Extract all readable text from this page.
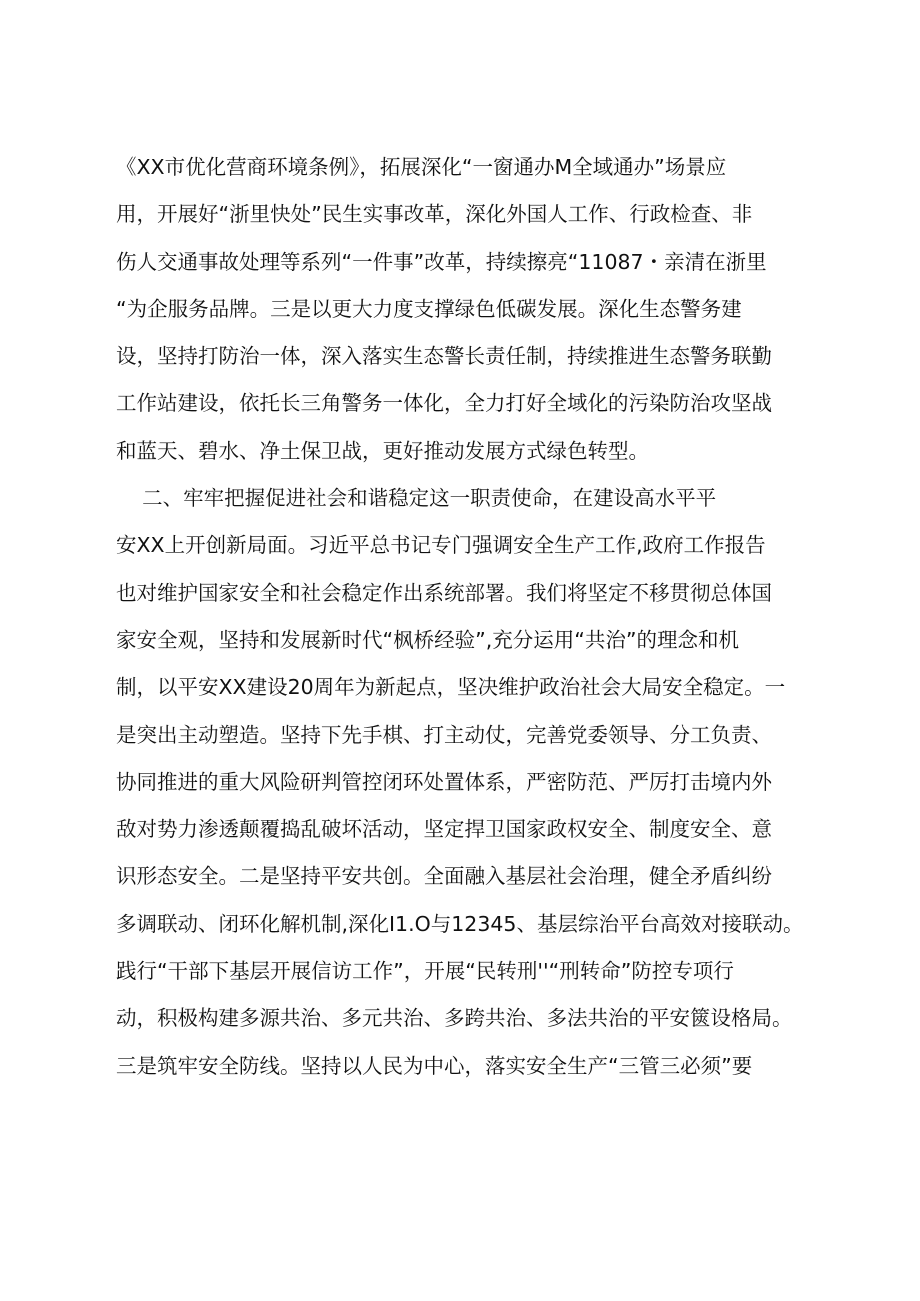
《XX市优化营商环境条例》，拓展深化“一窗通办M全域通办”场景应
用，开展好“浙里快处”民生实事改革，深化外国人工作、行政检查、非
伤人交通事故处理等系列“一件事”改革，持续擦亮“11087・亲清在浙里
“为企服务品牌。三是以更大力度支撑绿色低碳发展。深化生态警务建
设，坚持打防治一体，深入落实生态警长责任制，持续推进生态警务联勤
工作站建设，依托长三角警务一体化，全力打好全域化的污染防治攻坚战
和蓝天、碧水、净土保卫战，更好推动发展方式绿色转型。
二、牢牢把握促进社会和谐稳定这一职责使命，在建设高水平平
安XX上开创新局面。习近平总书记专门强调安全生产工作,政府工作报告
也对维护国家安全和社会稳定作出系统部署。我们将坚定不移贯彻总体国
家安全观，坚持和发展新时代“枫桥经验”,充分运用“共治”的理念和机
制，以平安XX建设20周年为新起点，坚决维护政治社会大局安全稳定。一
是突出主动塑造。坚持下先手棋、打主动仗，完善党委领导、分工负责、
协同推进的重大风险研判管控闭环处置体系，严密防范、严厉打击境内外
敌对势力渗透颠覆捣乱破坏活动，坚定捍卫国家政权安全、制度安全、意
识形态安全。二是坚持平安共创。全面融入基层社会治理，健全矛盾纠纷
多调联动、闭环化解机制,深化I1.O与12345、基层综治平台高效对接联动。
践行“干部下基层开展信访工作”，开展“民转刑''“刑转命”防控专项行
动，积极构建多源共治、多元共治、多跨共治、多法共治的平安篋设格局。
三是筑牢安全防线。坚持以人民为中心，落实安全生产“三管三必须”要
